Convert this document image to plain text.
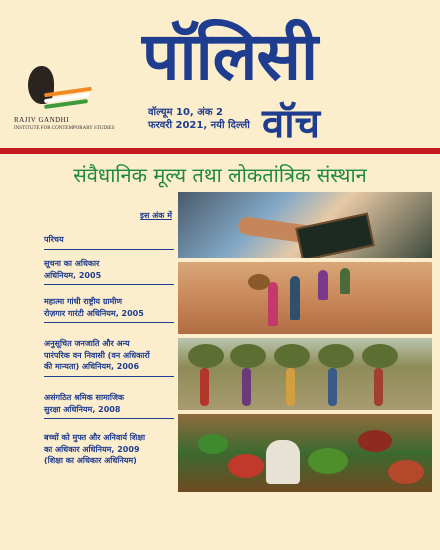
RAJIV GANDHI
INSTITUTE FOR CONTEMPORARY STUDIES
पॉलिसी
वॉल्यूम 10, अंक 2
फरवरी 2021, नयी दिल्ली वॉच
संवैधानिक मूल्य तथा लोकतांत्रिक संस्थान
इस अंक में
परिचय
सूचना का अधिकार
अधिनियम, 2005
महात्मा गांधी राष्ट्रीय ग्रामीण
रोज़गार गारंटी अधिनियम, 2005
अनुसूचित जनजाति और अन्य
पारंपरिक वन निवासी (वन अधिकारों
की मान्यता) अधिनियम, 2006
असंगठित श्रमिक सामाजिक
सुरक्षा अधिनियम, 2008
बच्चों को मुफ्त और अनिवार्य शिक्षा
का अधिकार अधिनियम, 2009
(शिक्षा का अधिकार अधिनियम)
